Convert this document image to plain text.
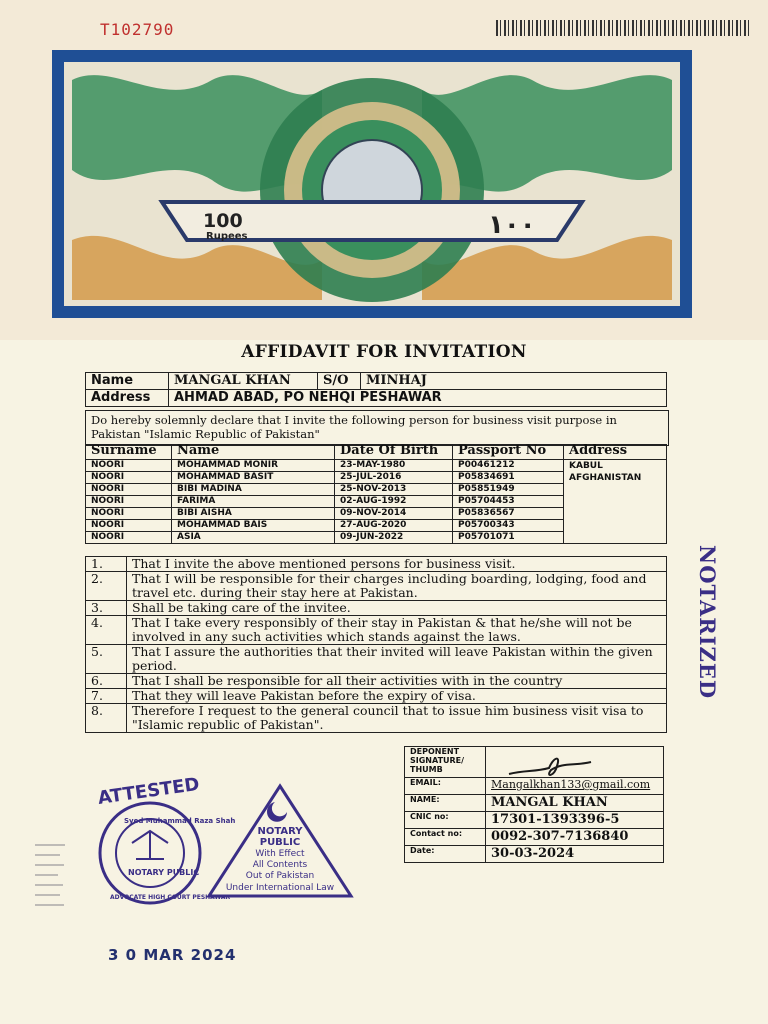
T102790
100
Rupees	۱۰۰
AFFIDAVIT FOR INVITATION
Name	MANGAL KHAN	S/O	MINHAJ
Address	AHMAD ABAD, PO NEHQI PESHAWAR		
Do hereby solemnly declare that I invite the following person for business visit purpose in Pakistan "Islamic Republic of Pakistan"
Surname	Name	Date Of Birth	Passport No	Address
NOORI	MOHAMMAD MONIR	23-MAY-1980	P00461212	KABUL
AFGHANISTAN
NOORI	MOHAMMAD BASIT	25-JUL-2016	P05834691	
NOORI	BIBI MADINA	25-NOV-2013	P05851949	
NOORI	FARIMA	02-AUG-1992	P05704453	
NOORI	BIBI AISHA	09-NOV-2014	P05836567	
NOORI	MOHAMMAD BAIS	27-AUG-2020	P05700343	
NOORI	ASIA	09-JUN-2022	P05701071	
1.	That I invite the above mentioned persons for business visit.
2.	That I will be responsible for their charges including boarding, lodging, food and travel etc. during their stay here at Pakistan.
3.	Shall be taking care of the invitee.
4.	That I take every responsibly of their stay in Pakistan & that he/she will not be involved in any such activities which stands against the laws.
5.	That I assure the authorities that their invited will leave Pakistan within the given period.
6.	That I shall be responsible for all their activities with in the country
7.	That they will leave Pakistan before the expiry of visa.
8.	Therefore I request to the general council that to issue him business visit visa to "Islamic republic of Pakistan".
DEPONENT SIGNATURE/ THUMB	
EMAIL:	Mangalkhan133@gmail.com
NAME:	MANGAL KHAN
CNIC no:	17301-1393396-5
Contact no:	0092-307-7136840
Date:	30-03-2024
NOTARIZED
ATTESTED
Syed Muhammad Raza Shah
ADVOCATE HIGH COURT PESHAWAR
NOTARY PUBLIC
NOTARY
PUBLIC
With Effect
All Contents
Out of Pakistan
Under International Law
3 0 MAR 2024
